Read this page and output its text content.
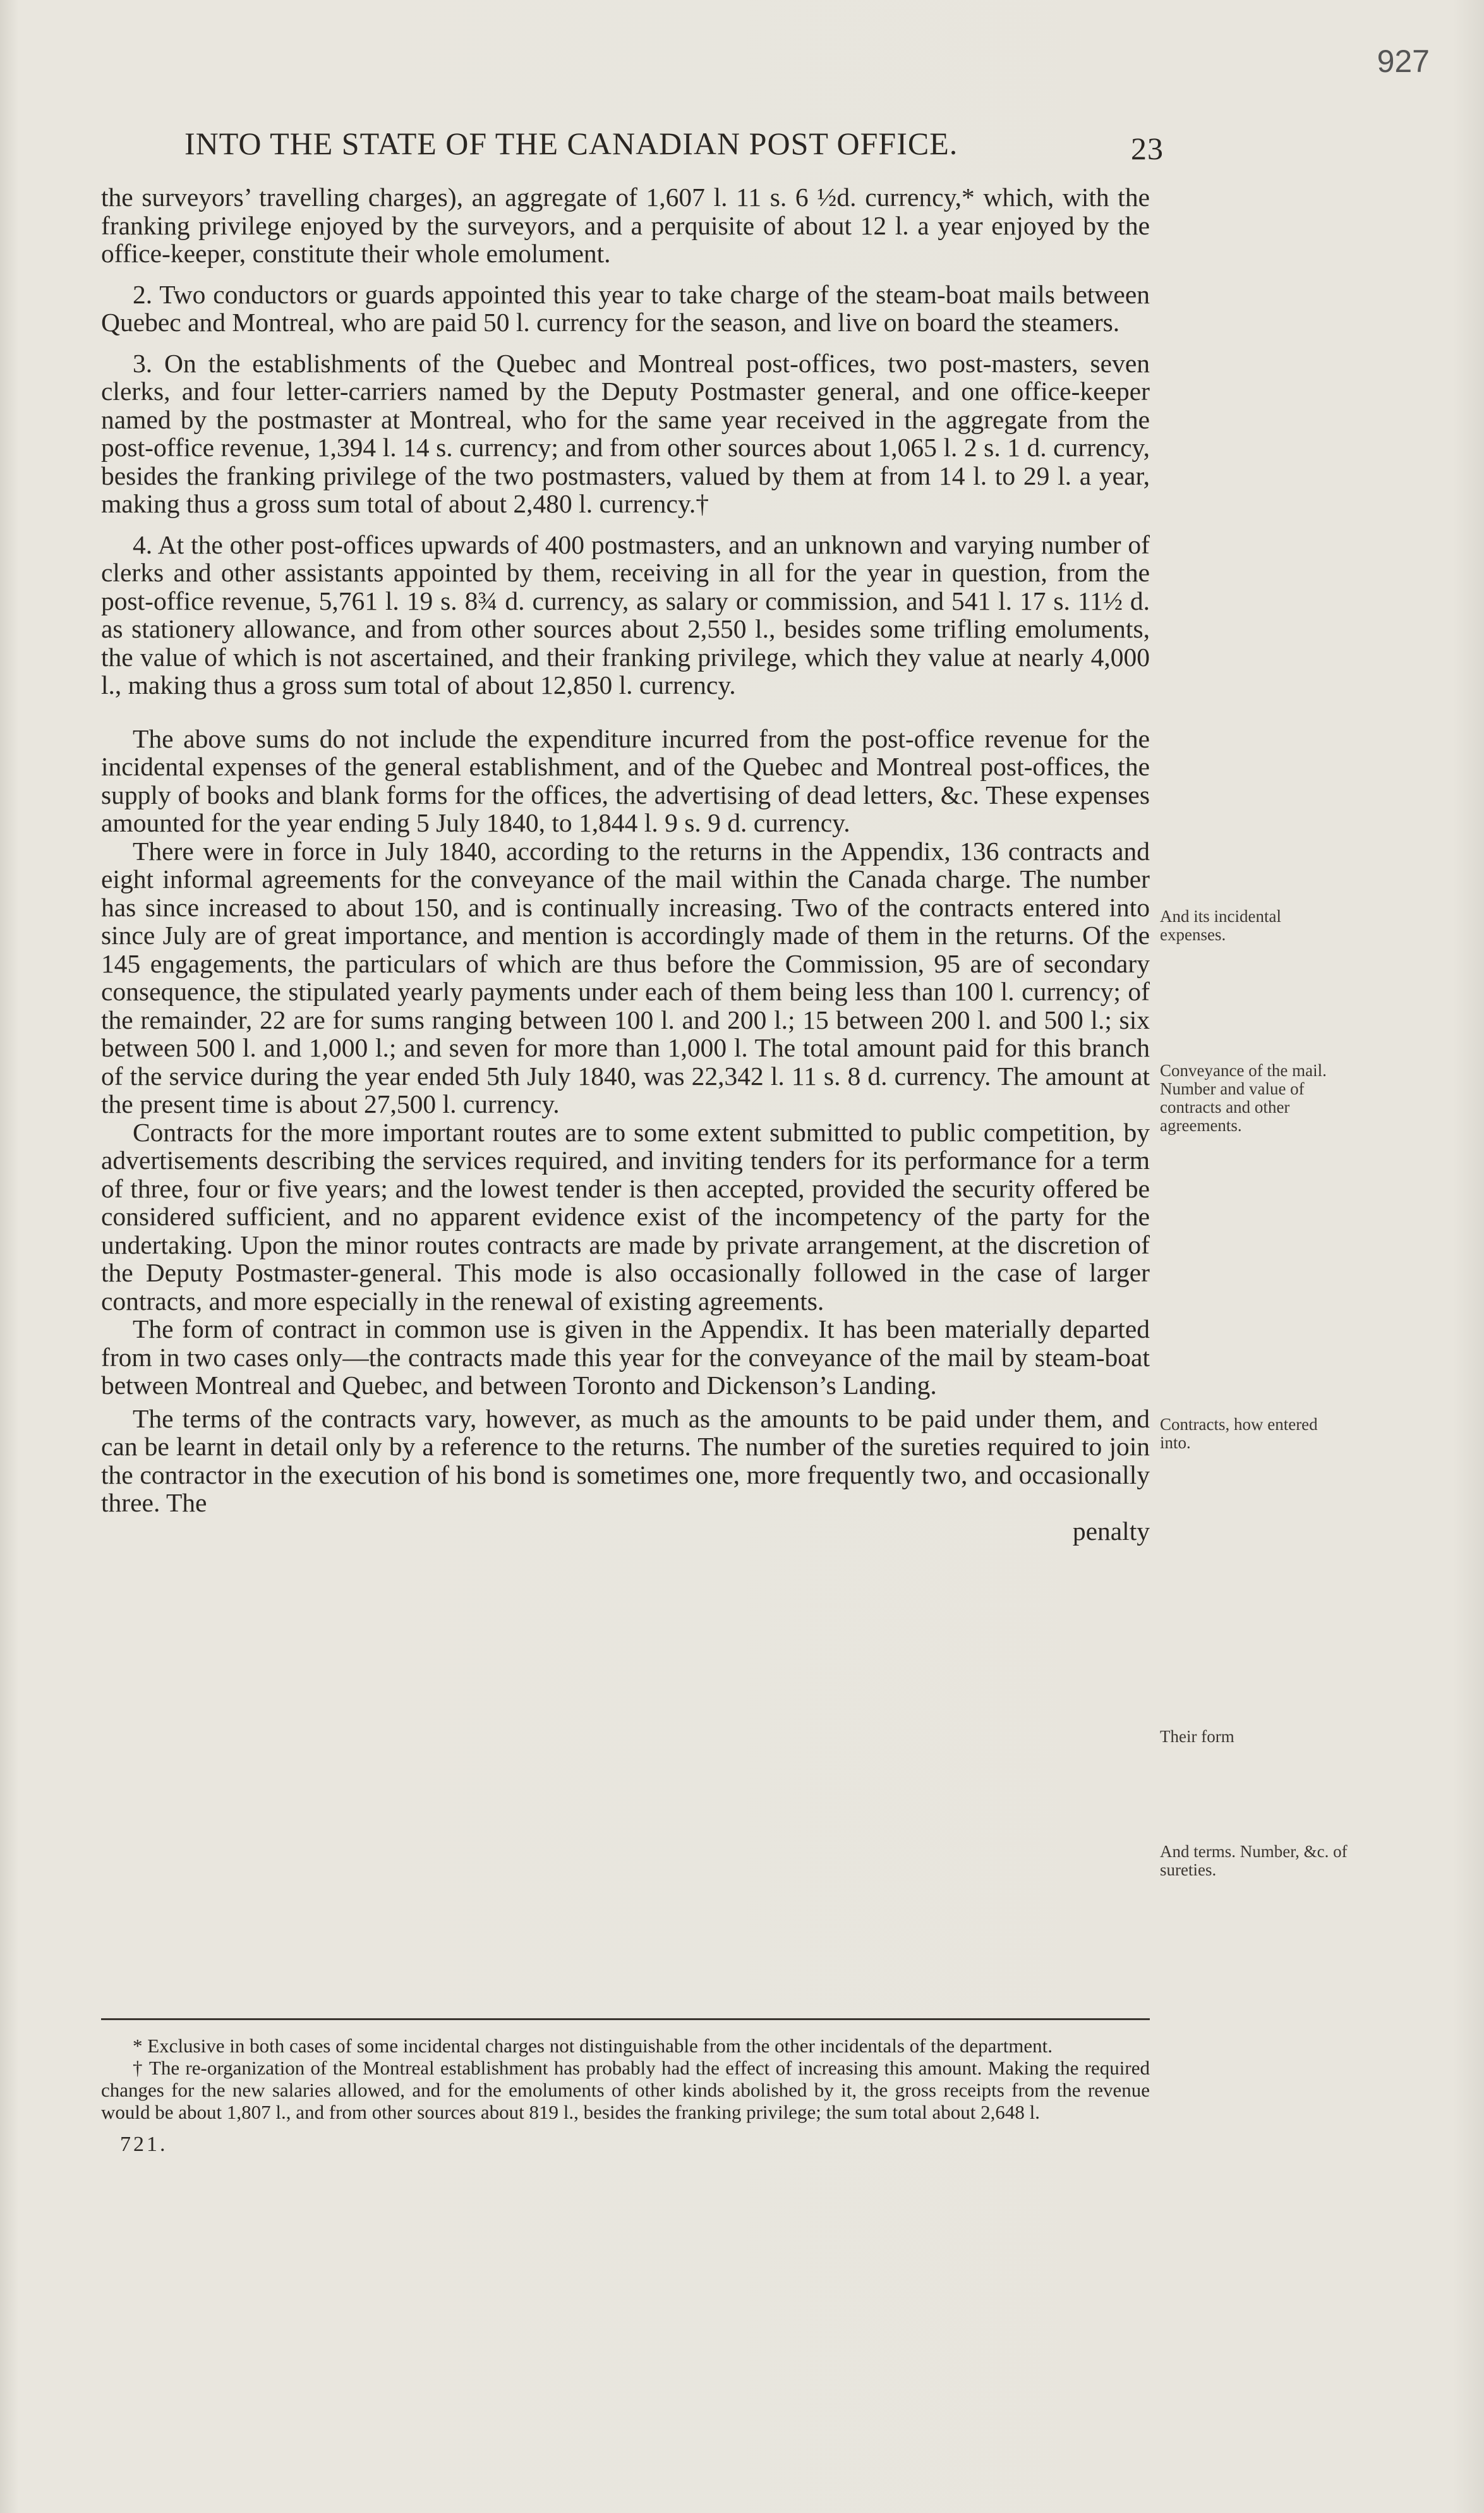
927
INTO THE STATE OF THE CANADIAN POST OFFICE.	23

the surveyors’ travelling charges), an aggregate of 1,607 l. 11 s. 6 ½d. currency,* which, with the franking privilege enjoyed by the surveyors, and a perquisite of about 12 l. a year enjoyed by the office-keeper, constitute their whole emolument.

2. Two conductors or guards appointed this year to take charge of the steam-boat mails between Quebec and Montreal, who are paid 50 l. currency for the season, and live on board the steamers.

3. On the establishments of the Quebec and Montreal post-offices, two post-masters, seven clerks, and four letter-carriers named by the Deputy Postmaster general, and one office-keeper named by the postmaster at Montreal, who for the same year received in the aggregate from the post-office revenue, 1,394 l. 14 s. currency; and from other sources about 1,065 l. 2 s. 1 d. currency, besides the franking privilege of the two postmasters, valued by them at from 14 l. to 29 l. a year, making thus a gross sum total of about 2,480 l. currency.†

4. At the other post-offices upwards of 400 postmasters, and an unknown and varying number of clerks and other assistants appointed by them, receiving in all for the year in question, from the post-office revenue, 5,761 l. 19 s. 8¾ d. currency, as salary or commission, and 541 l. 17 s. 11½ d. as stationery allowance, and from other sources about 2,550 l., besides some trifling emoluments, the value of which is not ascertained, and their franking privilege, which they value at nearly 4,000 l., making thus a gross sum total of about 12,850 l. currency.

The above sums do not include the expenditure incurred from the post-office revenue for the incidental expenses of the general establishment, and of the Quebec and Montreal post-offices, the supply of books and blank forms for the offices, the advertising of dead letters, &c. These expenses amounted for the year ending 5 July 1840, to 1,844 l. 9 s. 9 d. currency.

There were in force in July 1840, according to the returns in the Appendix, 136 contracts and eight informal agreements for the conveyance of the mail within the Canada charge. The number has since increased to about 150, and is continually increasing. Two of the contracts entered into since July are of great importance, and mention is accordingly made of them in the returns. Of the 145 engagements, the particulars of which are thus before the Commission, 95 are of secondary consequence, the stipulated yearly payments under each of them being less than 100 l. currency; of the remainder, 22 are for sums ranging between 100 l. and 200 l.; 15 between 200 l. and 500 l.; six between 500 l. and 1,000 l.; and seven for more than 1,000 l. The total amount paid for this branch of the service during the year ended 5th July 1840, was 22,342 l. 11 s. 8 d. currency. The amount at the present time is about 27,500 l. currency.

Contracts for the more important routes are to some extent submitted to public competition, by advertisements describing the services required, and inviting tenders for its performance for a term of three, four or five years; and the lowest tender is then accepted, provided the security offered be considered sufficient, and no apparent evidence exist of the incompetency of the party for the undertaking. Upon the minor routes contracts are made by private arrangement, at the discretion of the Deputy Postmaster-general. This mode is also occasionally followed in the case of larger contracts, and more especially in the renewal of existing agreements.

The form of contract in common use is given in the Appendix. It has been materially departed from in two cases only—the contracts made this year for the conveyance of the mail by steam-boat between Montreal and Quebec, and between Toronto and Dickenson’s Landing.

The terms of the contracts vary, however, as much as the amounts to be paid under them, and can be learnt in detail only by a reference to the returns. The number of the sureties required to join the contractor in the execution of his bond is sometimes one, more frequently two, and occasionally three. The

penalty

And its incidental expenses.
Conveyance of the mail. Number and value of contracts and other agreements.
Contracts, how entered into.
Their form
And terms. Number, &c. of sureties.

* Exclusive in both cases of some incidental charges not distinguishable from the other incidentals of the department.

† The re-organization of the Montreal establishment has probably had the effect of increasing this amount. Making the required changes for the new salaries allowed, and for the emoluments of other kinds abolished by it, the gross receipts from the revenue would be about 1,807 l., and from other sources about 819 l., besides the franking privilege; the sum total about 2,648 l.

721.
